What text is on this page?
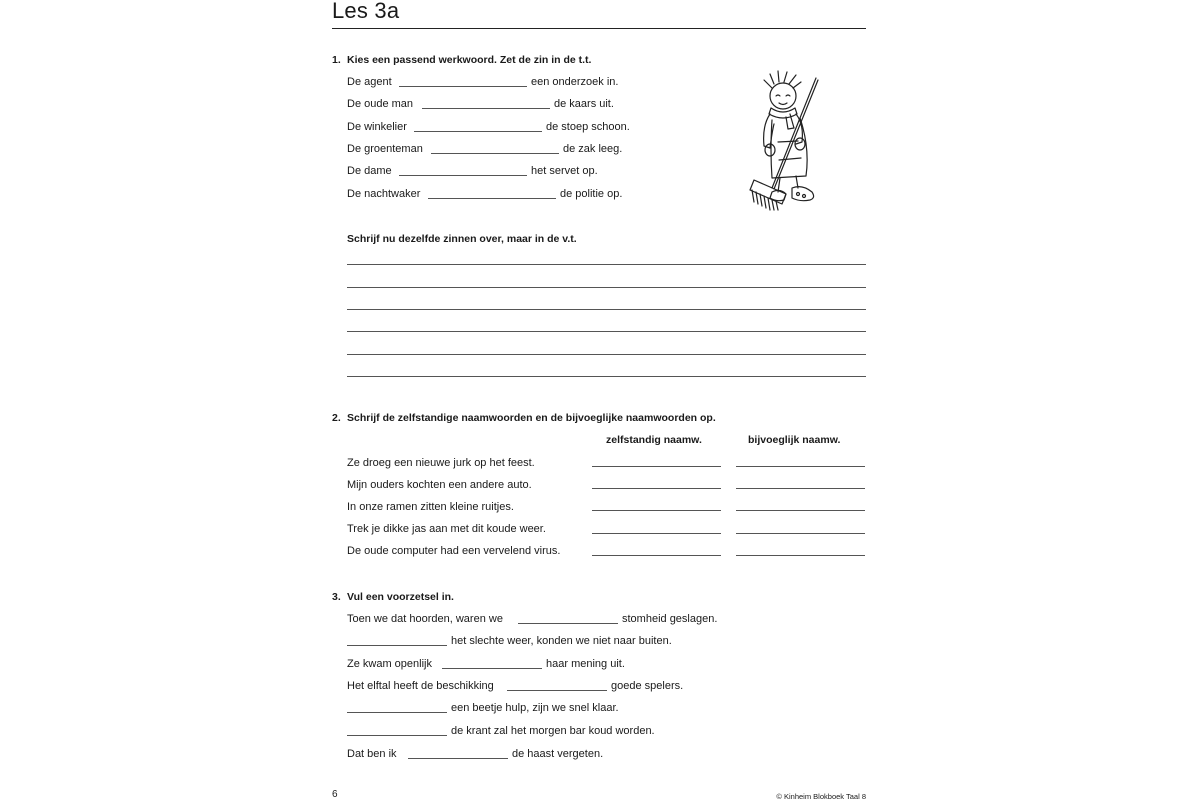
Les 3a
1. Kies een passend werkwoord. Zet de zin in de t.t.
De agent	een onderzoek in.
De oude man	de kaars uit.
De winkelier	de stoep schoon.
De groenteman	de zak leeg.
De dame	het servet op.
De nachtwaker	de politie op.
Schrijf nu dezelfde zinnen over, maar in de v.t.
2. Schrijf de zelfstandige naamwoorden en de bijvoeglijke naamwoorden op.
zelfstandig naamw.	bijvoeglijk naamw.
Ze droeg een nieuwe jurk op het feest.
Mijn ouders kochten een andere auto.
In onze ramen zitten kleine ruitjes.
Trek je dikke jas aan met dit koude weer.
De oude computer had een vervelend virus.
3. Vul een voorzetsel in.
Toen we dat hoorden, waren we	stomheid geslagen.
het slechte weer, konden we niet naar buiten.
Ze kwam openlijk	haar mening uit.
Het elftal heeft de beschikking	goede spelers.
een beetje hulp, zijn we snel klaar.
de krant zal het morgen bar koud worden.
Dat ben ik	de haast vergeten.
6	© Kinheim Blokboek Taal 8
